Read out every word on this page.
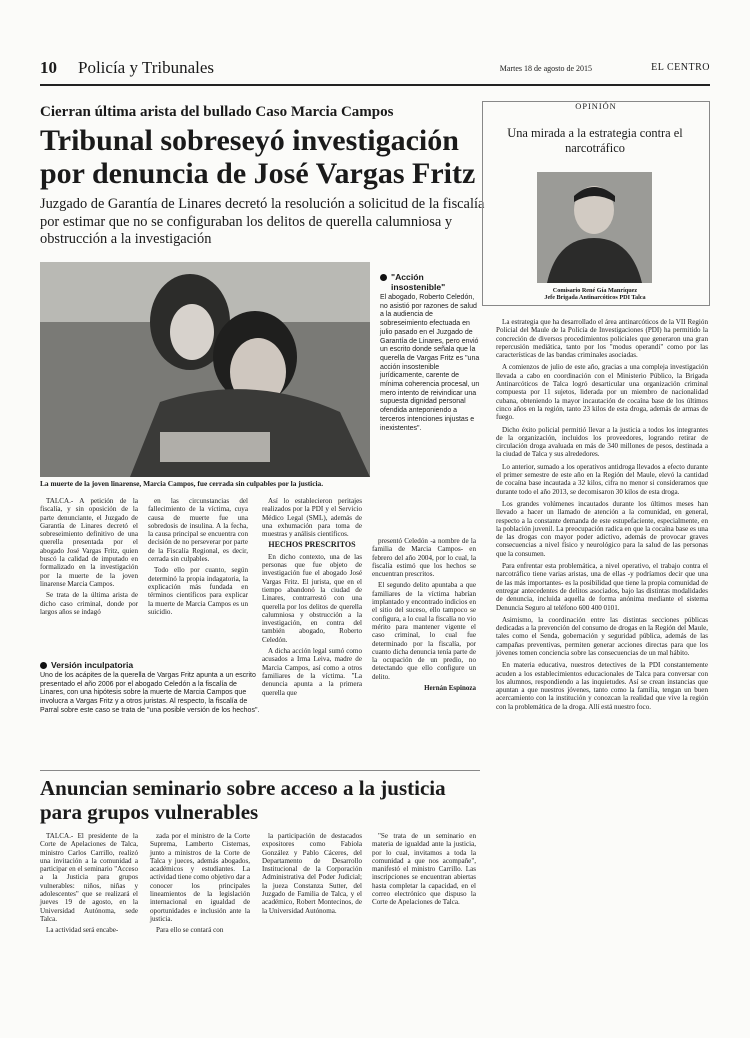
10 Policía y Tribunales	Martes 18 de agosto de 2015	EL CENTRO
Cierran última arista del bullado Caso Marcia Campos
Tribunal sobreseyó investigación por denuncia de José Vargas Fritz
Juzgado de Garantía de Linares decretó la resolución a solicitud de la fiscalía por estimar que no se configuraban los delitos de querella calumniosa y obstrucción a la investigación
La muerte de la joven linarense, Marcia Campos, fue cerrada sin culpables por la justicia.
"Acción insostenible"
El abogado, Roberto Celedón, no asistió por razones de salud a la audiencia de sobreseimiento efectuada en julio pasado en el Juzgado de Garantía de Linares, pero envió un escrito donde señala que la querella de Vargas Fritz es "una acción insostenible jurídicamente, carente de mínima coherencia procesal, un mero intento de reivindicar una supuesta dignidad personal ofendida anteponiendo a terceros intenciones injustas e inexistentes".

TALCA.- A petición de la fiscalía, y sin oposición de la parte denunciante, el Juzgado de Garantía de Linares decretó el sobreseimiento definitivo de una querella presentada por el abogado José Vargas Fritz, quien buscó la calidad de imputado en formalizado en la investigación por la muerte de la joven linarense Marcia Campos.

Se trata de la última arista de dicho caso criminal, donde por largos años se indagó

en las circunstancias del fallecimiento de la víctima, cuya causa de muerte fue una sobredosis de insulina. A la fecha, la causa principal se encuentra con decisión de no perseverar por parte de la Fiscalía Regional, es decir, cerrada sin culpables.

Todo ello por cuanto, según determinó la propia indagatoria, la explicación más fundada en términos científicos para explicar la muerte de Marcia Campos es un suicidio.

Así lo establecieron peritajes realizados por la PDI y el Servicio Médico Legal (SML), además de una exhumación para toma de muestras y análisis científicos.

HECHOS PRESCRITOS

En dicho contexto, una de las personas que fue objeto de investigación fue el abogado José Vargas Fritz. El jurista, que en el tiempo abandonó la ciudad de Linares, contrarrestó con una querella por los delitos de querella calumniosa y obstrucción a la investigación, en contra del también abogado, Roberto Celedón.

A dicha acción legal sumó como acusados a Irma Leiva, madre de Marcia Campos, así como a otros familiares de la víctima. "La denuncia apunta a la primera querella que

presentó Celedón -a nombre de la familia de Marcia Campos- en febrero del año 2004, por lo cual, la fiscalía estimó que los hechos se encuentran prescritos.

El segundo delito apuntaba a que familiares de la víctima habrían implantado y encontrado indicios en el sitio del suceso, ello tampoco se configura, a lo cual la fiscalía no vio mérito para mantener vigente el caso criminal, lo cual fue determinado por la fiscalía, por cuanto dicha denuncia tenía parte de la ocupación de un predio, no detectando que ello configure un delito.

Hernán Espinoza
Versión inculpatoria
Uno de los acápites de la querella de Vargas Fritz apunta a un escrito presentado el año 2006 por el abogado Celedón a la fiscalía de Linares, con una hipótesis sobre la muerte de Marcia Campos que involucra a Vargas Fritz y a otros juristas. Al respecto, la fiscalía de Parral sobre este caso se trata de "una posible versión de los hechos".
Anuncian seminario sobre acceso a la justicia para grupos vulnerables

TALCA.- El presidente de la Corte de Apelaciones de Talca, ministro Carlos Carrillo, realizó una invitación a la comunidad a participar en el seminario "Acceso a la Justicia para grupos vulnerables: niños, niñas y adolescentes" que se realizará el jueves 19 de agosto, en la Universidad Autónoma, sede Talca.

La actividad será encabe-

zada por el ministro de la Corte Suprema, Lamberto Cisternas, junto a ministros de la Corte de Talca y jueces, además abogados, académicos y estudiantes. La actividad tiene como objetivo dar a conocer los principales lineamientos de la legislación internacional en igualdad de oportunidades e inclusión ante la justicia.

Para ello se contará con

la participación de destacados expositores como Fabiola González y Pablo Cáceres, del Departamento de Desarrollo Institucional de la Corporación Administrativa del Poder Judicial; la jueza Constanza Sutter, del Juzgado de Familia de Talca, y el académico, Robert Montecinos, de la Universidad Autónoma.

"Se trata de un seminario en materia de igualdad ante la justicia, por lo cual, invitamos a toda la comunidad a que nos acompañe", manifestó el ministro Carrillo. Las inscripciones se encuentran abiertas hasta completar la capacidad, en el correo electrónico que dispuso la Corte de Apelaciones de Talca.

OPINIÓN
Una mirada a la estrategia contra el narcotráfico
Comisario René Gía Manríquez
Jefe Brigada Antinarcóticos PDI Talca

La estrategia que ha desarrollado el área antinarcóticos de la VII Región Policial del Maule de la Policía de Investigaciones (PDI) ha permitido la concreción de diversos procedimientos policiales que generaron una gran repercusión mediática, tanto por los "modus operandi" como por las características de las bandas criminales asociadas.

A comienzos de julio de este año, gracias a una compleja investigación llevada a cabo en coordinación con el Ministerio Público, la Brigada Antinarcóticos de Talca logró desarticular una organización criminal compuesta por 11 sujetos, liderada por un miembro de nacionalidad cubana, obteniendo la mayor incautación de cocaína base de los últimos cinco años en la región, tanto 23 kilos de esta droga, además de armas de fuego.

Dicho éxito policial permitió llevar a la justicia a todos los integrantes de la organización, incluidos los proveedores, logrando retirar de circulación droga avaluada en más de 340 millones de pesos, destinada a la ciudad de Talca y sus alrededores.

Lo anterior, sumado a los operativos antidroga llevados a efecto durante el primer semestre de este año en la Región del Maule, elevó la cantidad de cocaína base incautada a 32 kilos, cifra no menor si consideramos que durante todo el año 2013, se decomisaron 30 kilos de esta droga.

Los grandes volúmenes incautados durante los últimos meses han llevado a hacer un llamado de atención a la comunidad, en general, respecto a la constante demanda de este estupefaciente, especialmente, en la población juvenil. La preocupación radica en que la cocaína base es una de las drogas con mayor poder adictivo, además de provocar graves consecuencias a nivel físico y neurológico para la salud de las personas que la consumen.

Para enfrentar esta problemática, a nivel operativo, el trabajo contra el narcotráfico tiene varias aristas, una de ellas -y podríamos decir que una de las más importantes- es la posibilidad que tiene la propia comunidad de entregar antecedentes de delitos asociados, bajo las distintas modalidades de denuncia, incluida aquella de forma anónima mediante el sistema Denuncia Seguro al teléfono 600 400 0101.

Asimismo, la coordinación entre las distintas secciones públicas dedicadas a la prevención del consumo de drogas en la Región del Maule, tales como el Senda, gobernación y seguridad pública, además de las campañas preventivas, permiten generar acciones directas para que los jóvenes tomen conciencia sobre las consecuencias de un mal hábito.

En materia educativa, nuestros detectives de la PDI constantemente acuden a los establecimientos educacionales de Talca para conversar con los alumnos, respondiendo a las inquietudes. Así se crean instancias que apuntan a que nuestros jóvenes, tanto como la familia, tengan un buen acercamiento con la institución y conozcan la realidad que vive la región con la problemática de la droga. Allí está nuestro foco.
